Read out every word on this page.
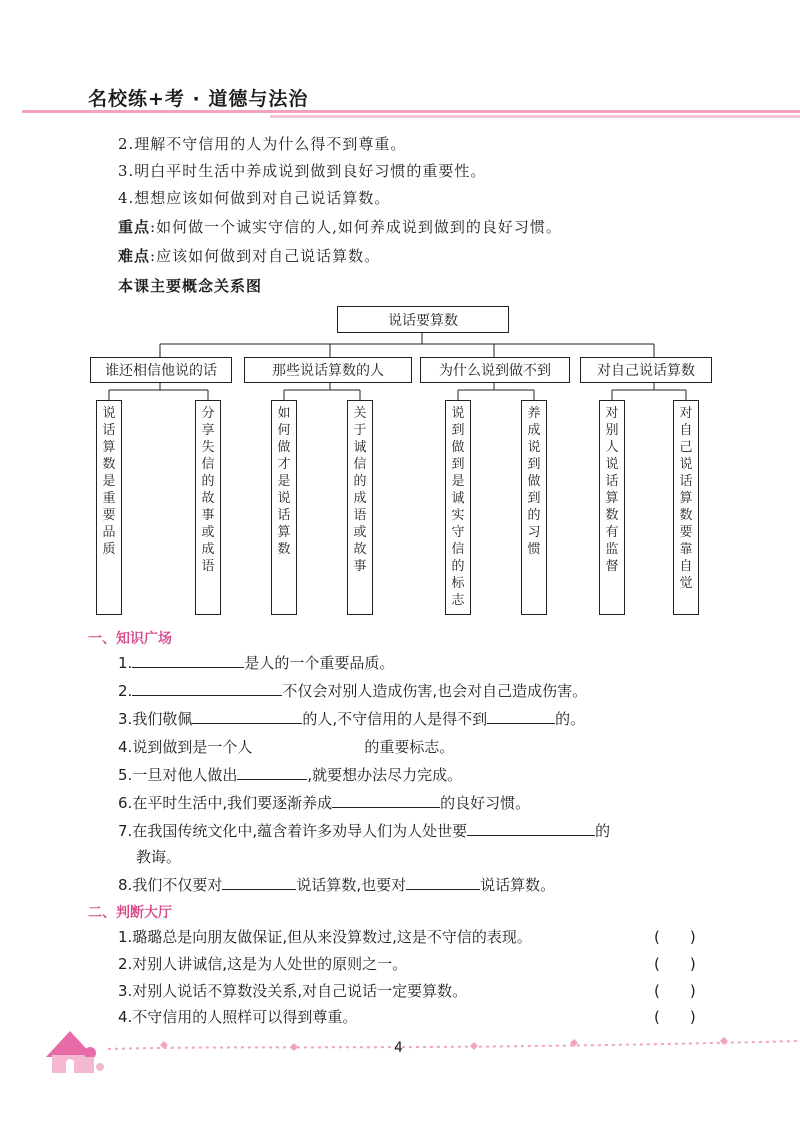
名校练+考 · 道德与法治
2.理解不守信用的人为什么得不到尊重。
3.明白平时生活中养成说到做到良好习惯的重要性。
4.想想应该如何做到对自己说话算数。
重点:如何做一个诚实守信的人,如何养成说到做到的良好习惯。
难点:应该如何做到对自己说话算数。
本课主要概念关系图
说话要算数
谁还相信他说的话	那些说话算数的人	为什么说到做不到	对自己说话算数
说
话
算
数
是
重
要
品
质
分
享
失
信
的
故
事
或
成
语
如
何
做
才
是
说
话
算
数
关
于
诚
信
的
成
语
或
故
事
说
到
做
到
是
诚
实
守
信
的
标
志
养
成
说
到
做
到
的
习
惯
对
别
人
说
话
算
数
有
监
督
对
自
己
说
话
算
数
要
靠
自
觉
一、知识广场
1.	是人的一个重要品质。
2.	不仅会对别人造成伤害,也会对自己造成伤害。
3.我们敬佩	的人,不守信用的人是得不到	的。
4.说到做到是一个人	的重要标志。
5.一旦对他人做出	,就要想办法尽力完成。
6.在平时生活中,我们要逐渐养成	的良好习惯。
7.在我国传统文化中,蕴含着许多劝导人们为人处世要	的
教诲。
8.我们不仅要对	说话算数,也要对	说话算数。
二、判断大厅
1.璐璐总是向朋友做保证,但从来没算数过,这是不守信的表现。	(　　)
2.对别人讲诚信,这是为人处世的原则之一。	(　　)
3.对别人说话不算数没关系,对自己说话一定要算数。	(　　)
4.不守信用的人照样可以得到尊重。	(　　)
4
